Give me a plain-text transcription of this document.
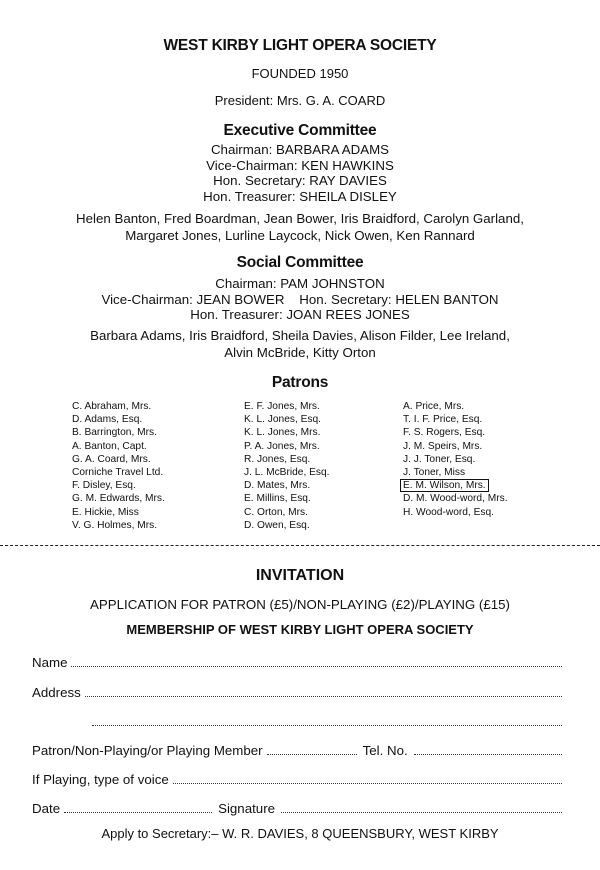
WEST KIRBY LIGHT OPERA SOCIETY
FOUNDED 1950
President: Mrs. G. A. COARD
Executive Committee
Chairman: BARBARA ADAMS
Vice-Chairman: KEN HAWKINS
Hon. Secretary: RAY DAVIES
Hon. Treasurer: SHEILA DISLEY
Helen Banton, Fred Boardman, Jean Bower, Iris Braidford, Carolyn Garland,
Margaret Jones, Lurline Laycock, Nick Owen, Ken Rannard
Social Committee
Chairman: PAM JOHNSTON
Vice-Chairman: JEAN BOWER    Hon. Secretary: HELEN BANTON
Hon. Treasurer: JOAN REES JONES
Barbara Adams, Iris Braidford, Sheila Davies, Alison Filder, Lee Ireland,
Alvin McBride, Kitty Orton
Patrons
C. Abraham, Mrs.
D. Adams, Esq.
B. Barrington, Mrs.
A. Banton, Capt.
G. A. Coard, Mrs.
Corniche Travel Ltd.
F. Disley, Esq.
G. M. Edwards, Mrs.
E. Hickie, Miss
V. G. Holmes, Mrs.
E. F. Jones, Mrs.
K. L. Jones, Esq.
K. L. Jones, Mrs.
P. A. Jones, Mrs.
R. Jones, Esq.
J. L. McBride, Esq.
D. Mates, Mrs.
E. Millins, Esq.
C. Orton, Mrs.
D. Owen, Esq.
A. Price, Mrs.
T. I. F. Price, Esq.
F. S. Rogers, Esq.
J. M. Speirs, Mrs.
J. J. Toner, Esq.
J. Toner, Miss
E. M. Wilson, Mrs.
D. M. Wood-word, Mrs.
H. Wood-word, Esq.
INVITATION
APPLICATION FOR PATRON (£5)/NON-PLAYING (£2)/PLAYING (£15)
MEMBERSHIP OF WEST KIRBY LIGHT OPERA SOCIETY
Name
Address
Patron/Non-Playing/or Playing Member	Tel. No.
If Playing, type of voice
Date	Signature
Apply to Secretary:– W. R. DAVIES, 8 QUEENSBURY, WEST KIRBY
